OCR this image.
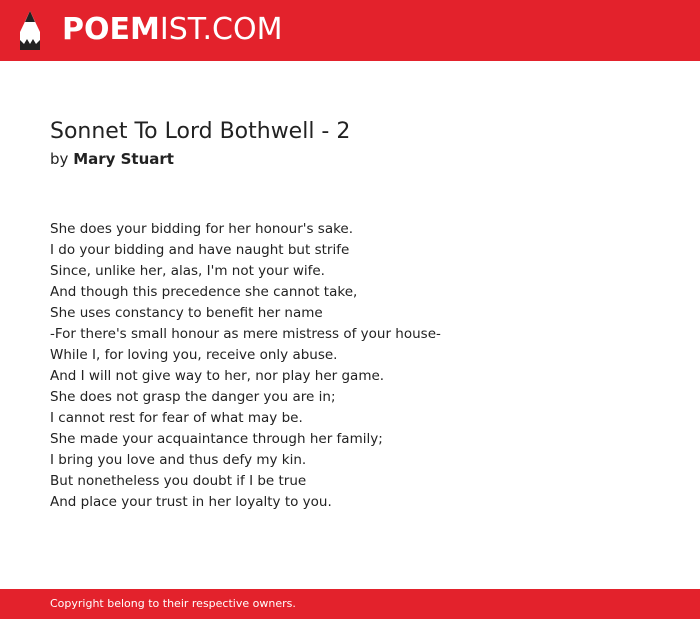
POEMIST.COM
Sonnet To Lord Bothwell - 2
by Mary Stuart
She does your bidding for her honour's sake.
I do your bidding and have naught but strife
Since, unlike her, alas, I'm not your wife.
And though this precedence she cannot take,
She uses constancy to benefit her name
-For there's small honour as mere mistress of your house-
While I, for loving you, receive only abuse.
And I will not give way to her, nor play her game.
She does not grasp the danger you are in;
I cannot rest for fear of what may be.
She made your acquaintance through her family;
I bring you love and thus defy my kin.
But nonetheless you doubt if I be true
And place your trust in her loyalty to you.
Copyright belong to their respective owners.
